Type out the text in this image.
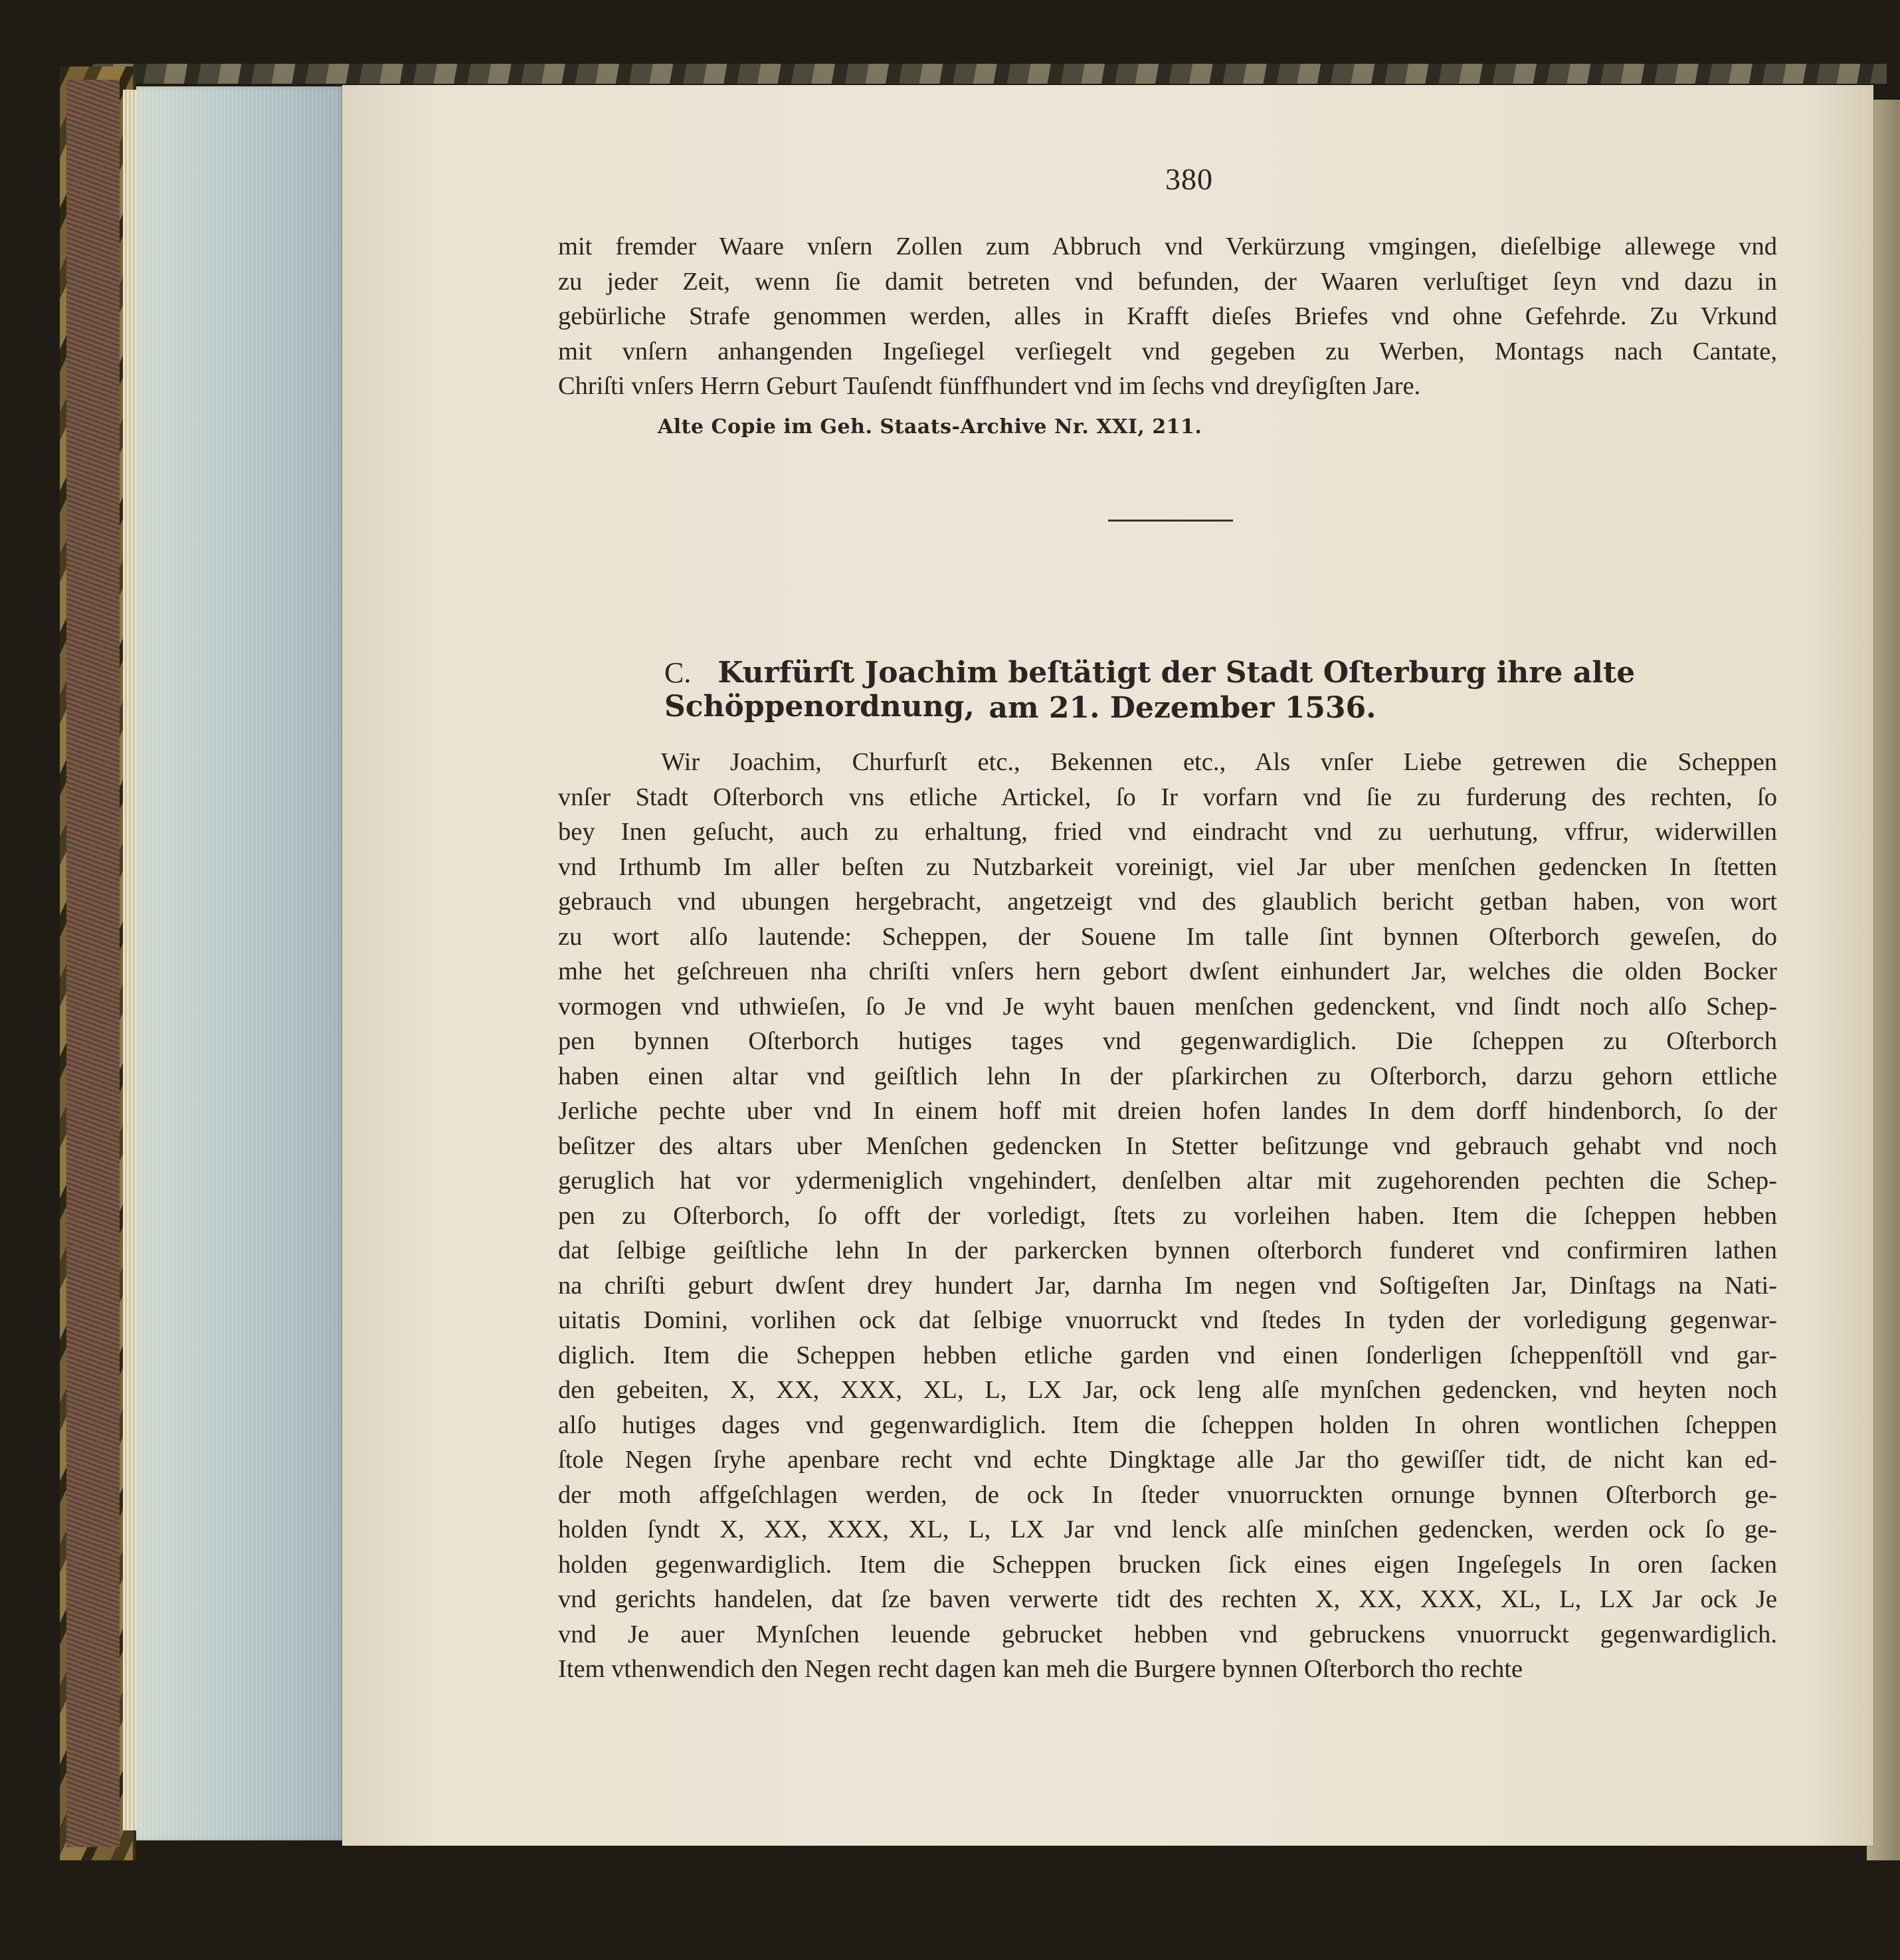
380
mit fremder Waare vnſern Zollen zum Abbruch vnd Verkürzung vmgingen, dieſelbige allewege vnd
zu jeder Zeit, wenn ſie damit betreten vnd befunden, der Waaren verluſtiget ſeyn vnd dazu in
gebürliche Strafe genommen werden, alles in Krafft dieſes Briefes vnd ohne Gefehrde. Zu Vrkund
mit vnſern anhangenden Ingeſiegel verſiegelt vnd gegeben zu Werben, Montags nach Cantate,
Chriſti vnſers Herrn Geburt Tauſendt fünffhundert vnd im ſechs vnd dreyſigſten Jare.
Alte Copie im Geh. Staats-Archive Nr. XXI, 211.
C. Kurfürſt Joachim beſtätigt der Stadt Oſterburg ihre alte Schöppenordnung, am 21. Dezember 1536.
Wir Joachim, Churfurſt etc., Bekennen etc., Als vnſer Liebe getrewen die Scheppen
vnſer Stadt Oſterborch vns etliche Artickel, ſo Ir vorfarn vnd ſie zu furderung des rechten, ſo
bey Inen geſucht, auch zu erhaltung, fried vnd eindracht vnd zu uerhutung, vffrur, widerwillen
vnd Irthumb Im aller beſten zu Nutzbarkeit voreinigt, viel Jar uber menſchen gedencken In ſtetten
gebrauch vnd ubungen hergebracht, angetzeigt vnd des glaublich bericht getban haben, von wort
zu wort alſo lautende: Scheppen, der Souene Im talle ſint bynnen Oſterborch geweſen, do
mhe het geſchreuen nha chriſti vnſers hern gebort dwſent einhundert Jar, welches die olden Bocker
vormogen vnd uthwieſen, ſo Je vnd Je wyht bauen menſchen gedenckent, vnd ſindt noch alſo Schep-
pen bynnen Oſterborch hutiges tages vnd gegenwardiglich. Die ſcheppen zu Oſterborch
haben einen altar vnd geiſtlich lehn In der pſarkirchen zu Oſterborch, darzu gehorn ettliche
Jerliche pechte uber vnd In einem hoff mit dreien hofen landes In dem dorff hindenborch, ſo der
beſitzer des altars uber Menſchen gedencken In Stetter beſitzunge vnd gebrauch gehabt vnd noch
geruglich hat vor ydermeniglich vngehindert, denſelben altar mit zugehorenden pechten die Schep-
pen zu Oſterborch, ſo offt der vorledigt, ſtets zu vorleihen haben. Item die ſcheppen hebben
dat ſelbige geiſtliche lehn In der parkercken bynnen oſterborch funderet vnd confirmiren lathen
na chriſti geburt dwſent drey hundert Jar, darnha Im negen vnd Soſtigeſten Jar, Dinſtags na Nati-
uitatis Domini, vorlihen ock dat ſelbige vnuorruckt vnd ſtedes In tyden der vorledigung gegenwar-
diglich. Item die Scheppen hebben etliche garden vnd einen ſonderligen ſcheppenſtöll vnd gar-
den gebeiten, X, XX, XXX, XL, L, LX Jar, ock leng alſe mynſchen gedencken, vnd heyten noch
alſo hutiges dages vnd gegenwardiglich. Item die ſcheppen holden In ohren wontlichen ſcheppen
ſtole Negen ſryhe apenbare recht vnd echte Dingktage alle Jar tho gewiſſer tidt, de nicht kan ed-
der moth affgeſchlagen werden, de ock In ſteder vnuorruckten ornunge bynnen Oſterborch ge-
holden ſyndt X, XX, XXX, XL, L, LX Jar vnd lenck alſe minſchen gedencken, werden ock ſo ge-
holden gegenwardiglich. Item die Scheppen brucken ſick eines eigen Ingeſegels In oren ſacken
vnd gerichts handelen, dat ſze baven verwerte tidt des rechten X, XX, XXX, XL, L, LX Jar ock Je
vnd Je auer Mynſchen leuende gebrucket hebben vnd gebruckens vnuorruckt gegenwardiglich.
Item vthenwendich den Negen recht dagen kan meh die Burgere bynnen Oſterborch tho rechte
